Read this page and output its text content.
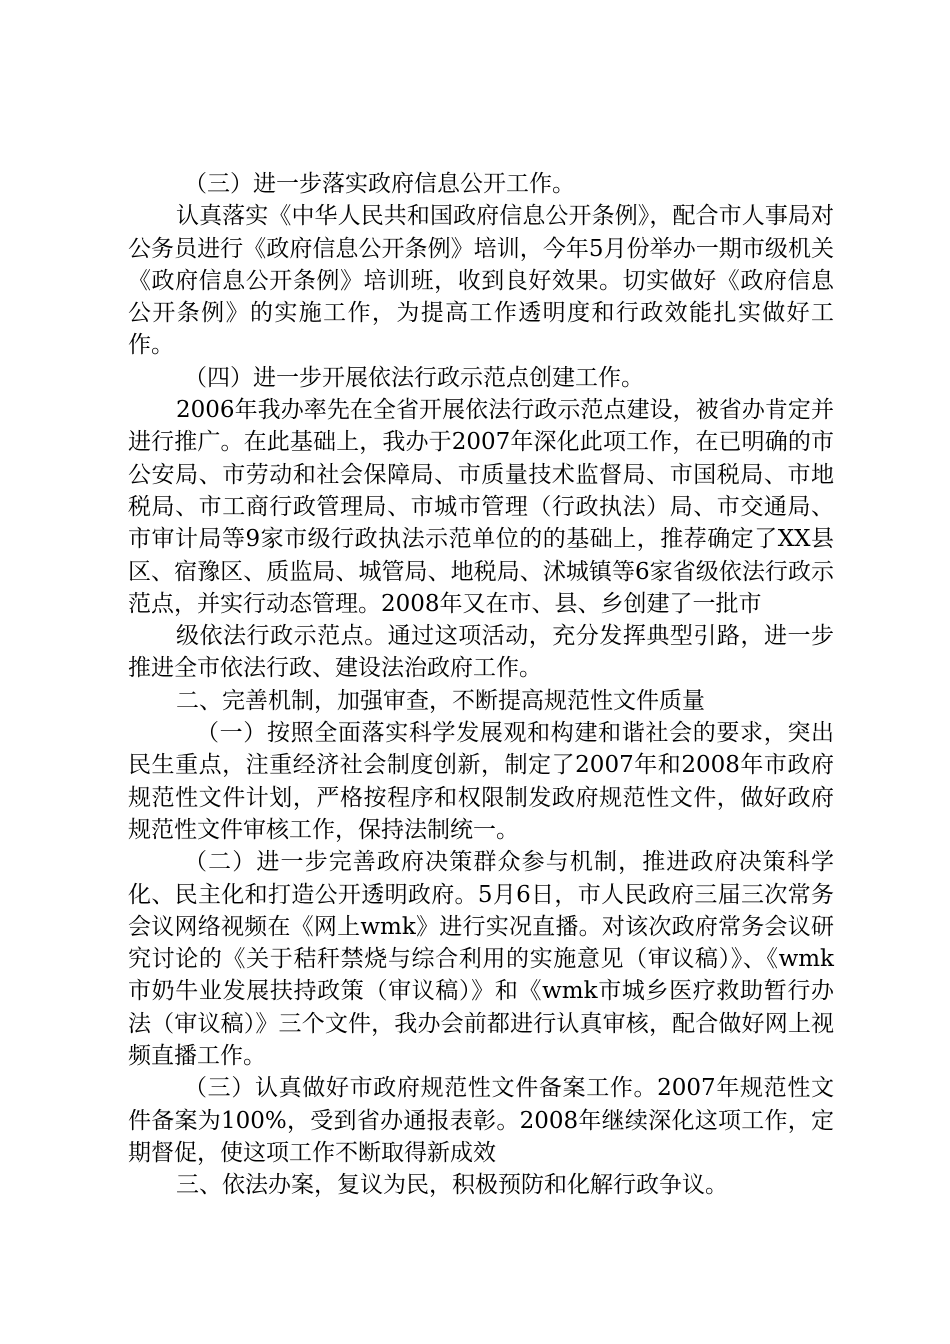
（三）进一步落实政府信息公开工作。

认真落实《中华人民共和国政府信息公开条例》，配合市人事局对公务员进行《政府信息公开条例》培训，今年5月份举办一期市级机关《政府信息公开条例》培训班，收到良好效果。切实做好《政府信息公开条例》的实施工作，为提高工作透明度和行政效能扎实做好工作。

（四）进一步开展依法行政示范点创建工作。

2006年我办率先在全省开展依法行政示范点建设，被省办肯定并进行推广。在此基础上，我办于2007年深化此项工作，在已明确的市公安局、市劳动和社会保障局、市质量技术监督局、市国税局、市地税局、市工商行政管理局、市城市管理（行政执法）局、市交通局、市审计局等9家市级行政执法示范单位的的基础上，推荐确定了XX县区、宿豫区、质监局、城管局、地税局、沭城镇等6家省级依法行政示范点，并实行动态管理。2008年又在市、县、乡创建了一批市

级依法行政示范点。通过这项活动，充分发挥典型引路，进一步推进全市依法行政、建设法治政府工作。

二、完善机制，加强审查，不断提高规范性文件质量

（一）按照全面落实科学发展观和构建和谐社会的要求，突出民生重点，注重经济社会制度创新，制定了2007年和2008年市政府规范性文件计划，严格按程序和权限制发政府规范性文件，做好政府规范性文件审核工作，保持法制统一。

（二）进一步完善政府决策群众参与机制，推进政府决策科学化、民主化和打造公开透明政府。5月6日，市人民政府三届三次常务会议网络视频在《网上wmk》进行实况直播。对该次政府常务会议研究讨论的《关于秸秆禁烧与综合利用的实施意见（审议稿）》、《wmk市奶牛业发展扶持政策（审议稿）》和《wmk市城乡医疗救助暂行办法（审议稿）》三个文件，我办会前都进行认真审核，配合做好网上视频直播工作。

（三）认真做好市政府规范性文件备案工作。2007年规范性文件备案为100%，受到省办通报表彰。2008年继续深化这项工作，定期督促，使这项工作不断取得新成效

三、依法办案，复议为民，积极预防和化解行政争议。
